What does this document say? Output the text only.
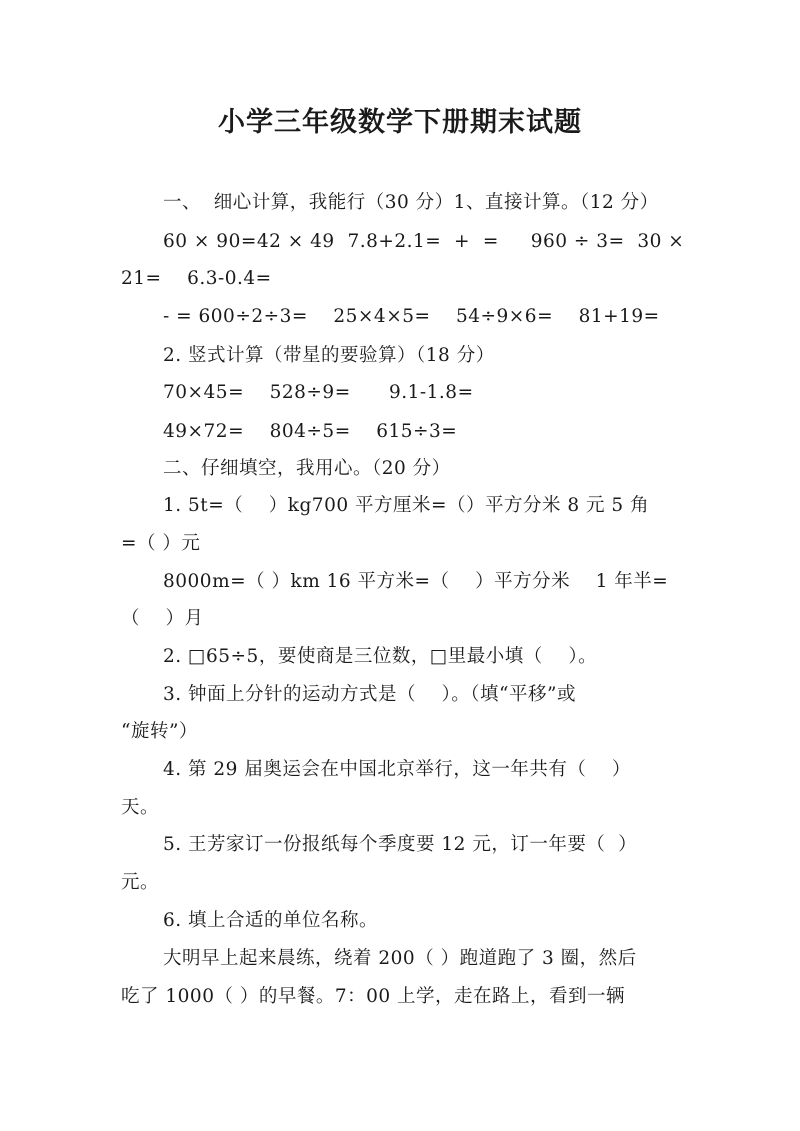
小学三年级数学下册期末试题
一、  细心计算，我能行（30 分）1、直接计算。（12 分）
60 × 90=42 × 49  7.8+2.1=  +  =     960 ÷ 3=  30 ×
21=    6.3-0.4=
- = 600÷2÷3=    25×4×5=    54÷9×6=    81+19=
2. 竖式计算（带星的要验算）（18 分）
70×45=    528÷9=      9.1-1.8=
49×72=    804÷5=    615÷3=
二、仔细填空，我用心。（20 分）
1. 5t=（    ）kg700 平方厘米=（）平方分米 8 元 5 角
=（ ）元
8000m=（ ）km 16 平方米=（    ）平方分米    1 年半=
（    ）月
2. □65÷5，要使商是三位数，□里最小填（    ）。
3. 钟面上分针的运动方式是（    ）。（填“平移”或
“旋转”）
4. 第 29 届奥运会在中国北京举行，这一年共有（    ）
天。
5. 王芳家订一份报纸每个季度要 12 元，订一年要（  ）
元。
6. 填上合适的单位名称。
大明早上起来晨练，绕着 200（ ）跑道跑了 3 圈，然后
吃了 1000（ ）的早餐。7：00 上学，走在路上，看到一辆
